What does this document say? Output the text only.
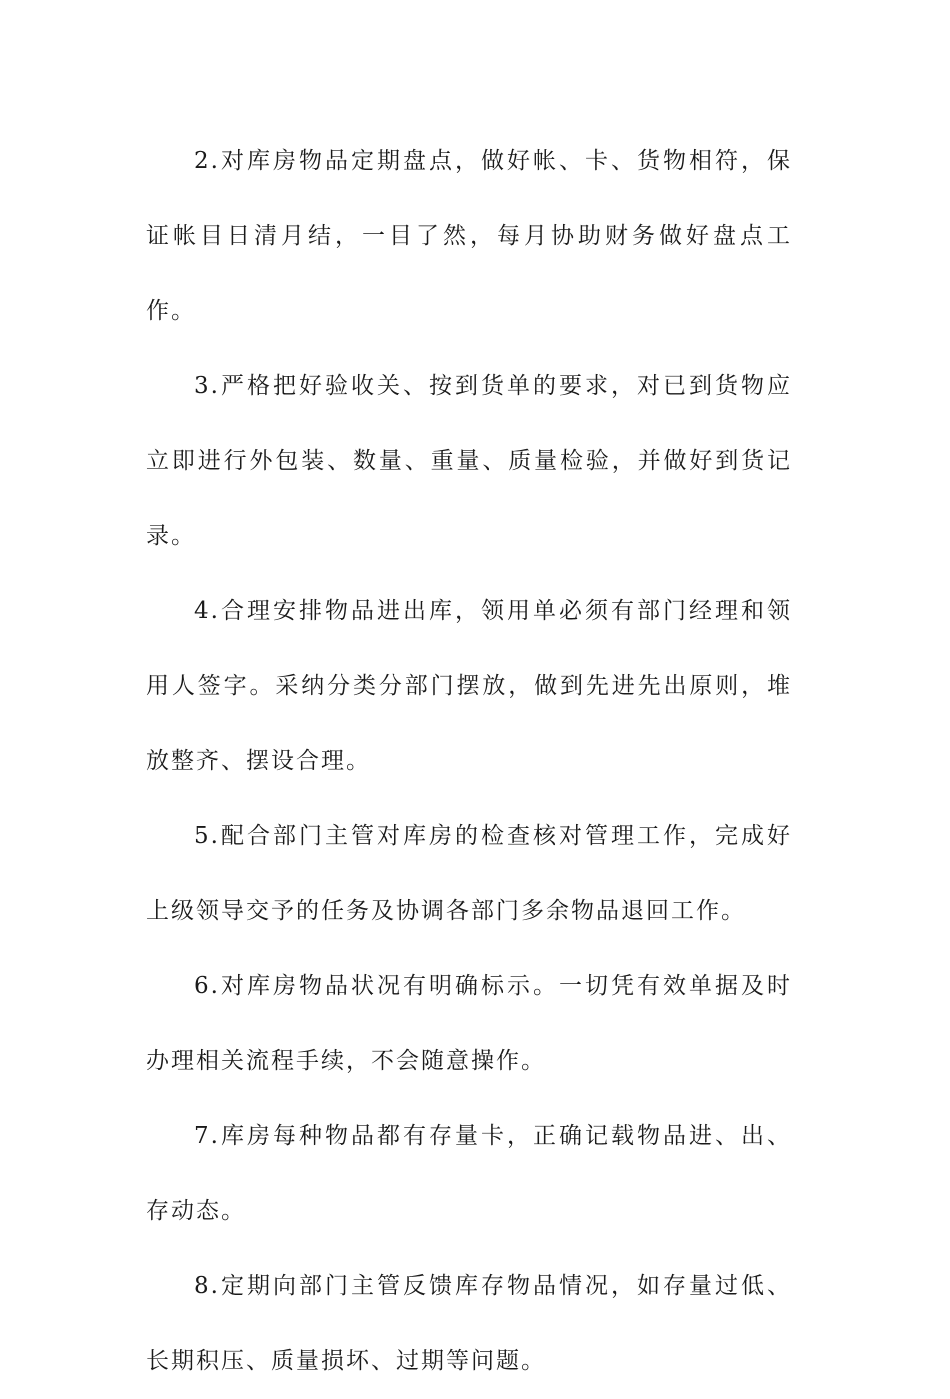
2.对库房物品定期盘点，做好帐、卡、货物相符，保证帐目日清月结，一目了然，每月协助财务做好盘点工作。

3.严格把好验收关、按到货单的要求，对已到货物应立即进行外包装、数量、重量、质量检验，并做好到货记录。

4.合理安排物品进出库，领用单必须有部门经理和领用人签字。采纳分类分部门摆放，做到先进先出原则，堆放整齐、摆设合理。

5.配合部门主管对库房的检查核对管理工作，完成好上级领导交予的任务及协调各部门多余物品退回工作。

6.对库房物品状况有明确标示。一切凭有效单据及时办理相关流程手续，不会随意操作。

7.库房每种物品都有存量卡，正确记载物品进、出、存动态。

8.定期向部门主管反馈库存物品情况，如存量过低、长期积压、质量损坏、过期等问题。
